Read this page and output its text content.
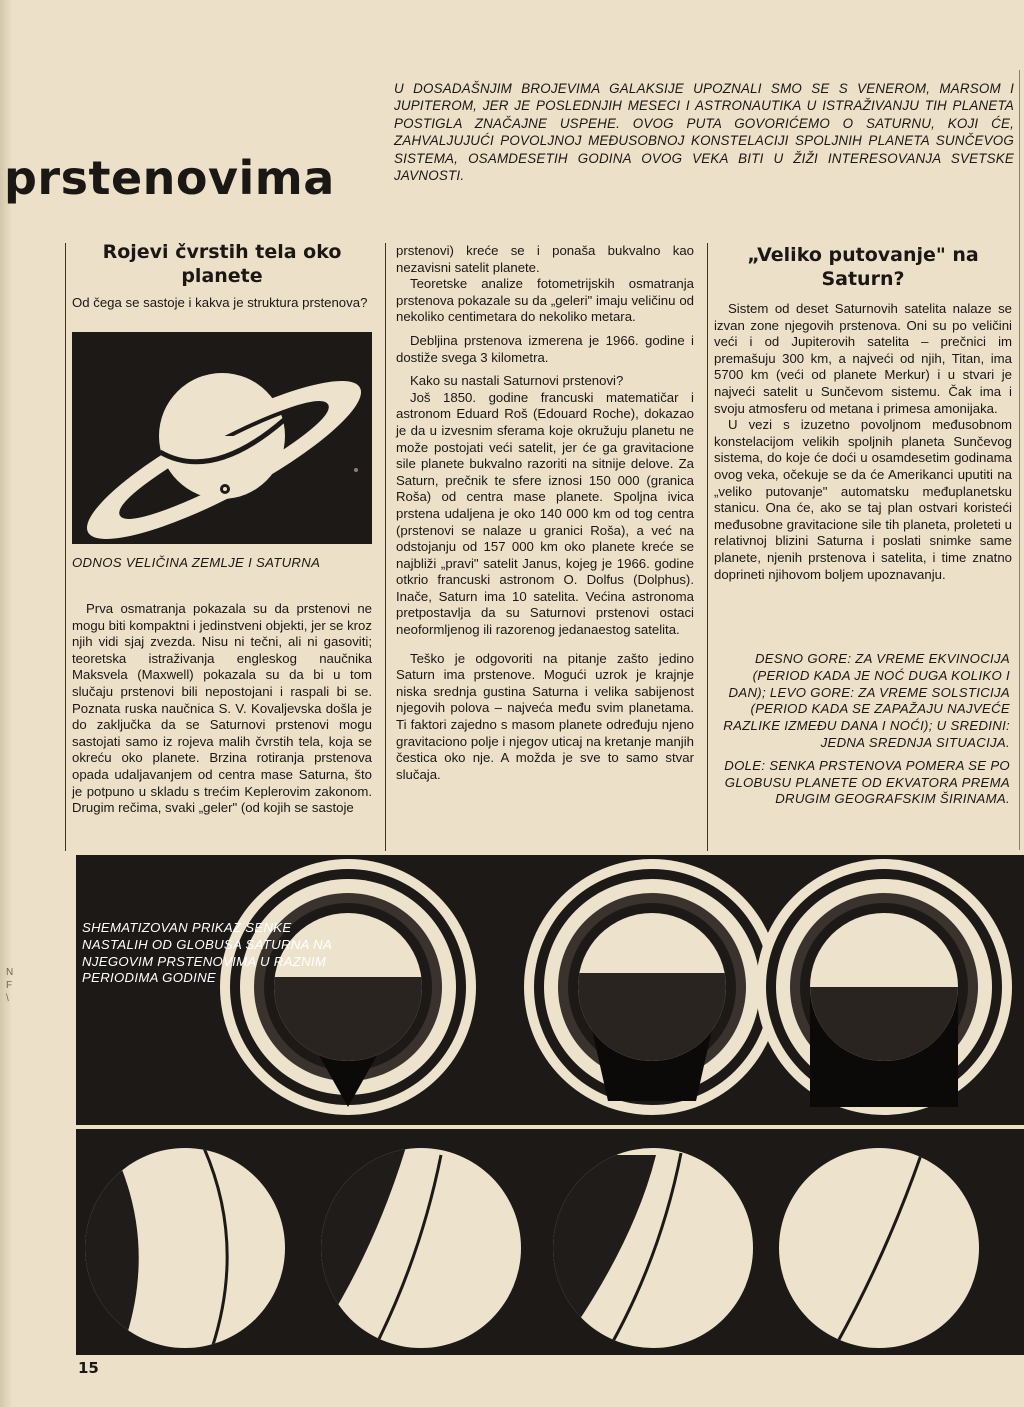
U DOSADAŠNJIM BROJEVIMA GALAKSIJE UPOZNALI SMO SE S VENEROM, MARSOM I JUPITEROM, JER JE POSLEDNJIH MESECI I ASTRONAUTIKA U ISTRAŽIVANJU TIH PLANETA POSTIGLA ZNAČAJNE USPEHE. OVOG PUTA GOVORIĆEMO O SATURNU, KOJI ĆE, ZAHVALJUJUĆI POVOLJNOJ MEĐUSOBNOJ KONSTELACIJI SPOLJNIH PLANETA SUNČEVOG SISTEMA, OSAMDESETIH GODINA OVOG VEKA BITI U ŽIŽI INTERESOVANJA SVETSKE JAVNOSTI.

prstenovima
Rojevi čvrstih tela oko planete

Od čega se sastoje i kakva je struktura prstenova?

ODNOS VELIČINA ZEMLJE I SATURNA

Prva osmatranja pokazala su da prstenovi ne mogu biti kompaktni i jedinstveni objekti, jer se kroz njih vidi sjaj zvezda. Nisu ni tečni, ali ni gasoviti; teoretska istraživanja engleskog naučnika Maksvela (Maxwell) pokazala su da bi u tom slučaju prstenovi bili nepostojani i raspali bi se. Poznata ruska naučnica S. V. Kovaljevska došla je do zaključka da se Saturnovi prstenovi mogu sastojati samo iz rojeva malih čvrstih tela, koja se okreću oko planete. Brzina rotiranja prstenova opada udaljavanjem od centra mase Saturna, što je potpuno u skladu s trećim Keplerovim zakonom. Drugim rečima, svaki „geler" (od kojih se sastoje

prstenovi) kreće se i ponaša bukvalno kao nezavisni satelit planete.

Teoretske analize fotometrijskih osmatranja prstenova pokazale su da „geleri" imaju veličinu od nekoliko centimetara do nekoliko metara.

Debljina prstenova izmerena je 1966. godine i dostiže svega 3 kilometra.

Kako su nastali Saturnovi prstenovi?

Još 1850. godine francuski matematičar i astronom Eduard Roš (Edouard Roche), dokazao je da u izvesnim sferama koje okružuju planetu ne može postojati veći satelit, jer će ga gravitacione sile planete bukvalno razoriti na sitnije delove. Za Saturn, prečnik te sfere iznosi 150 000 (granica Roša) od centra mase planete. Spoljna ivica prstena udaljena je oko 140 000 km od tog centra (prstenovi se nalaze u granici Roša), a već na odstojanju od 157 000 km oko planete kreće se najbliži „pravi" satelit Janus, kojeg je 1966. godine otkrio francuski astronom O. Dolfus (Dolphus). Inače, Saturn ima 10 satelita. Većina astronoma pretpostavlja da su Saturnovi prstenovi ostaci neoformljenog ili razorenog jedanaestog satelita.

Teško je odgovoriti na pitanje zašto jedino Saturn ima prstenove. Mogući uzrok je krajnje niska srednja gustina Saturna i velika sabijenost njegovih polova – najveća među svim planetama. Ti faktori zajedno s masom planete određuju njeno gravitaciono polje i njegov uticaj na kretanje manjih čestica oko nje. A možda je sve to samo stvar slučaja.

„Veliko putovanje" na Saturn?

Sistem od deset Saturnovih satelita nalaze se izvan zone njegovih prstenova. Oni su po veličini veći i od Jupiterovih satelita – prečnici im premašuju 300 km, a najveći od njih, Titan, ima 5700 km (veći od planete Merkur) i u stvari je najveći satelit u Sunčevom sistemu. Čak ima i svoju atmosferu od metana i primesa amonijaka.

U vezi s izuzetno povoljnom međusobnom konstelacijom velikih spoljnih planeta Sunčevog sistema, do koje će doći u osamdesetim godinama ovog veka, očekuje se da će Amerikanci uputiti na „veliko putovanje" automatsku međuplanetsku stanicu. Ona će, ako se taj plan ostvari koristeći međusobne gravitacione sile tih planeta, proleteti u relativnoj blizini Saturna i poslati snimke same planete, njenih prstenova i satelita, i time znatno doprineti njihovom boljem upoznavanju.

DESNO GORE: ZA VREME EKVINOCIJA (PERIOD KADA JE NOĆ DUGA KOLIKO I DAN); LEVO GORE: ZA VREME SOLSTICIJA (PERIOD KADA SE ZAPAŽAJU NAJVEĆE RAZLIKE IZMEĐU DANA I NOĆI); U SREDINI: JEDNA SREDNJA SITUACIJA.

DOLE: SENKA PRSTENOVA POMERA SE PO GLOBUSU PLANETE OD EKVATORA PREMA DRUGIM GEOGRAFSKIM ŠIRINAMA.

SHEMATIZOVAN PRIKAZ SENKE NASTALIH OD GLOBUSA SATURNA NA NJEGOVIM PRSTENOVIMA U RAZNIM PERIODIMA GODINE

N
F
\
15
